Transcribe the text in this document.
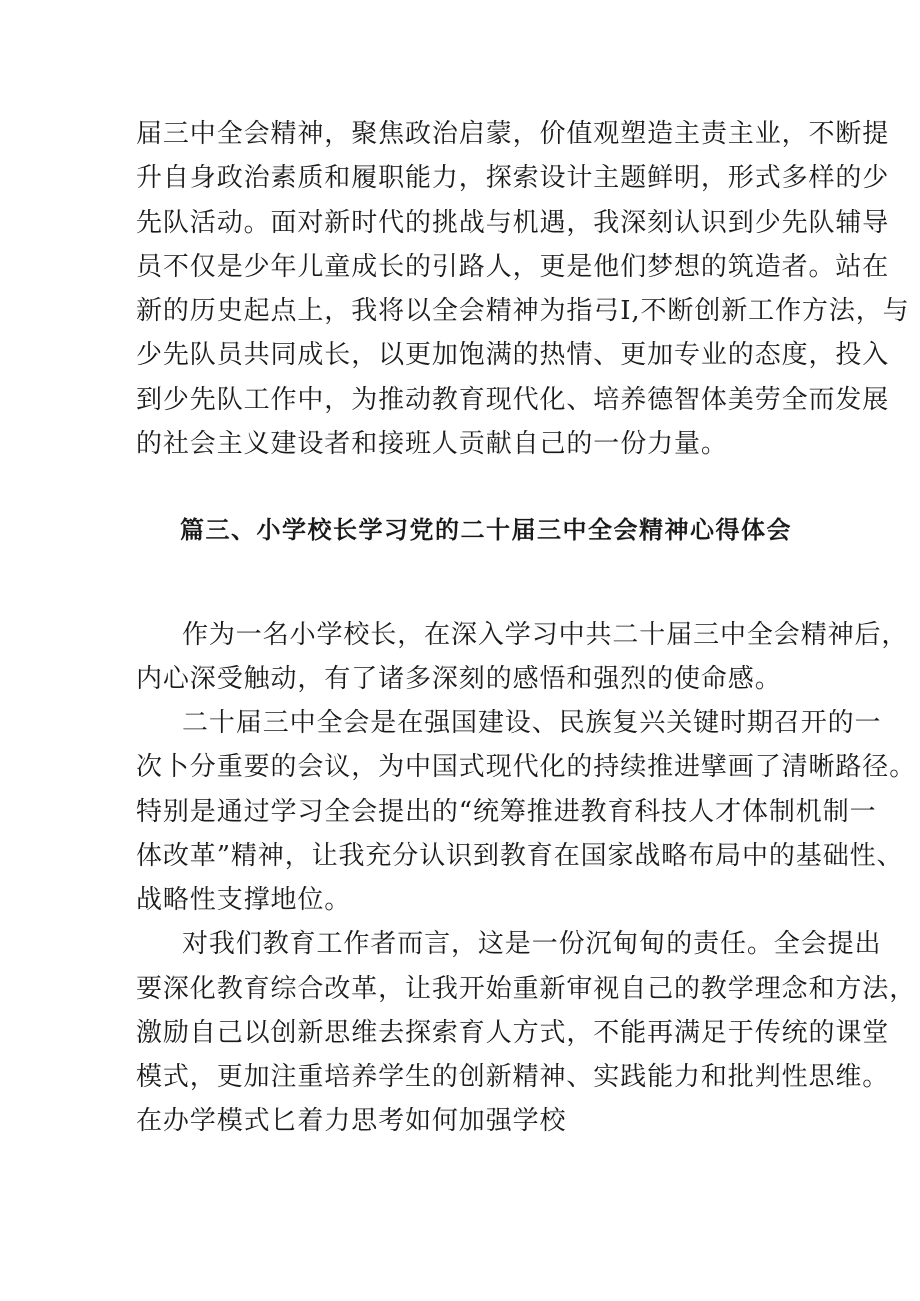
届三中全会精神，聚焦政治启蒙，价值观塑造主责主业，不断提
升自身政治素质和履职能力，探索设计主题鲜明，形式多样的少
先队活动。面对新时代的挑战与机遇，我深刻认识到少先队辅导
员不仅是少年儿童成长的引路人，更是他们梦想的筑造者。站在
新的历史起点上，我将以全会精神为指弓I,不断创新工作方法，与
少先队员共同成长，以更加饱满的热情、更加专业的态度，投入
到少先队工作中，为推动教育现代化、培养德智体美劳全而发展
的社会主义建设者和接班人贡献自己的一份力量。
篇三、小学校长学习党的二十届三中全会精神心得体会
作为一名小学校长，在深入学习中共二十届三中全会精神后，
内心深受触动，有了诸多深刻的感悟和强烈的使命感。
二十届三中全会是在强国建设、民族复兴关键时期召开的一
次卜分重要的会议，为中国式现代化的持续推进擘画了清晰路径。
特别是通过学习全会提出的“统筹推进教育科技人才体制机制一
体改革”精神，让我充分认识到教育在国家战略布局中的基础性、
战略性支撑地位。
对我们教育工作者而言，这是一份沉甸甸的责任。全会提出
要深化教育综合改革，让我开始重新审视自己的教学理念和方法，
激励自己以创新思维去探索育人方式，不能再满足于传统的课堂
模式，更加注重培养学生的创新精神、实践能力和批判性思维。
在办学模式匕着力思考如何加强学校
